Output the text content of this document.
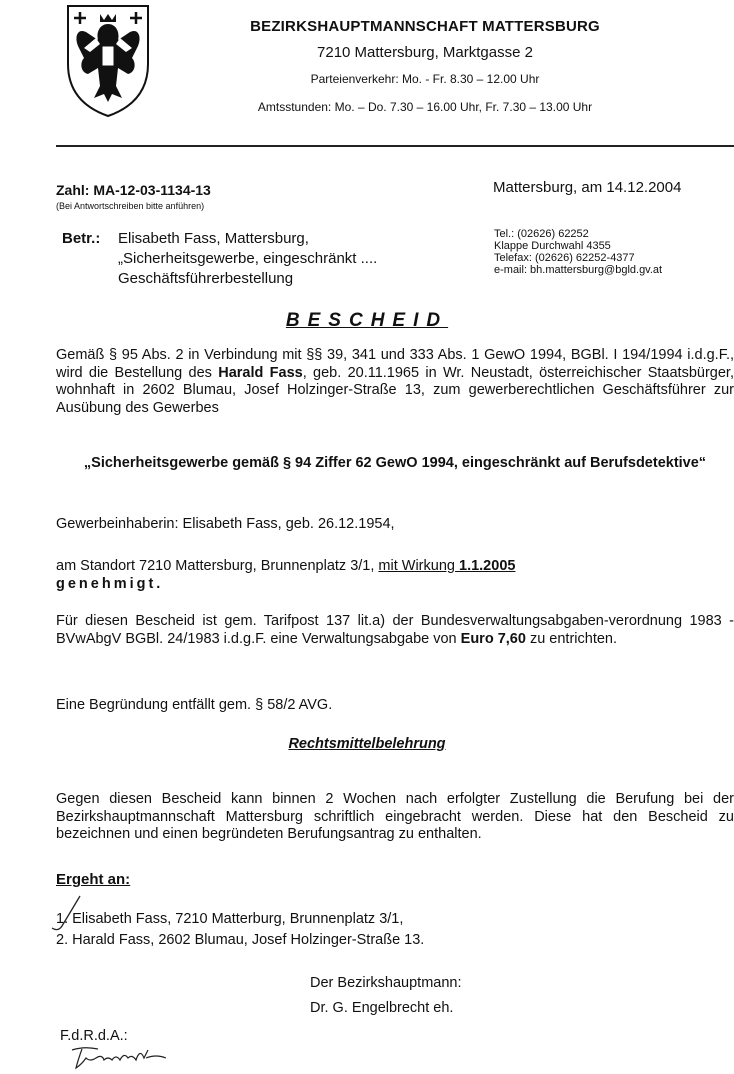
BEZIRKSHAUPTMANNSCHAFT MATTERSBURG
7210 Mattersburg, Marktgasse 2
Parteienverkehr: Mo. - Fr. 8.30 – 12.00 Uhr
Amtsstunden: Mo. – Do. 7.30 – 16.00 Uhr, Fr. 7.30 – 13.00 Uhr
Zahl: MA-12-03-1134-13
(Bei Antwortschreiben bitte anführen)
Mattersburg, am 14.12.2004
Betr.: Elisabeth Fass, Mattersburg,
„Sicherheitsgewerbe, eingeschränkt ....
Geschäftsführerbestellung
Tel.: (02626) 62252
Klappe Durchwahl 4355
Telefax: (02626) 62252-4377
e-mail: bh.mattersburg@bgld.gv.at
BESCHEID
Gemäß § 95 Abs. 2 in Verbindung mit §§ 39, 341 und 333 Abs. 1 GewO 1994, BGBl. I 194/1994 i.d.g.F., wird die Bestellung des Harald Fass, geb. 20.11.1965 in Wr. Neustadt, österreichischer Staatsbürger, wohnhaft in 2602 Blumau, Josef Holzinger-Straße 13, zum gewerberechtlichen Geschäftsführer zur Ausübung des Gewerbes
„Sicherheitsgewerbe gemäß § 94 Ziffer 62 GewO 1994, eingeschränkt auf Berufsdetektive“
Gewerbeinhaberin: Elisabeth Fass, geb. 26.12.1954,
am Standort 7210 Mattersburg, Brunnenplatz 3/1, mit Wirkung 1.1.2005
genehmigt.
Für diesen Bescheid ist gem. Tarifpost 137 lit.a) der Bundesverwaltungsabgaben-verordnung 1983 - BVwAbgV BGBl. 24/1983 i.d.g.F. eine Verwaltungsabgabe von Euro 7,60 zu entrichten.
Eine Begründung entfällt gem. § 58/2 AVG.
Rechtsmittelbelehrung
Gegen diesen Bescheid kann binnen 2 Wochen nach erfolgter Zustellung die Berufung bei der Bezirkshauptmannschaft Mattersburg schriftlich eingebracht werden. Diese hat den Bescheid zu bezeichnen und einen begründeten Berufungsantrag zu enthalten.
Ergeht an:
1. Elisabeth Fass, 7210 Matterburg, Brunnenplatz 3/1,
2. Harald Fass, 2602 Blumau, Josef Holzinger-Straße 13.
Der Bezirkshauptmann:
Dr. G. Engelbrecht eh.
F.d.R.d.A.:
